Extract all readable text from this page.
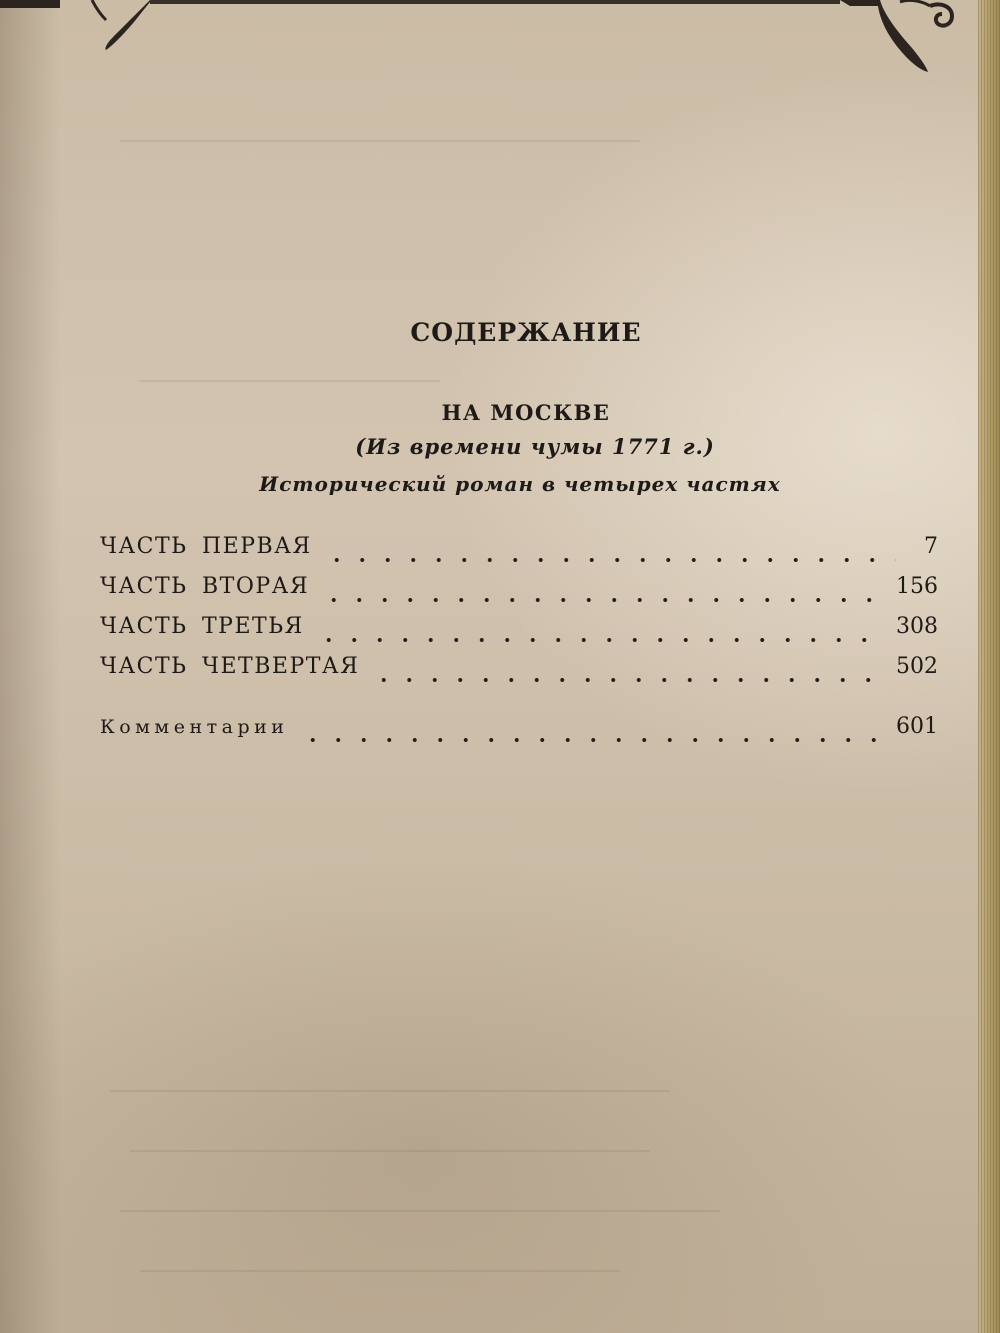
СОДЕРЖАНИЕ
НА МОСКВЕ
(Из времени чумы 1771 г.)
Исторический роман в четырех частях
ЧАСТЬ ПЕРВАЯ	7
ЧАСТЬ ВТОРАЯ	156
ЧАСТЬ ТРЕТЬЯ	308
ЧАСТЬ ЧЕТВЕРТАЯ	502
Комментарии	601
